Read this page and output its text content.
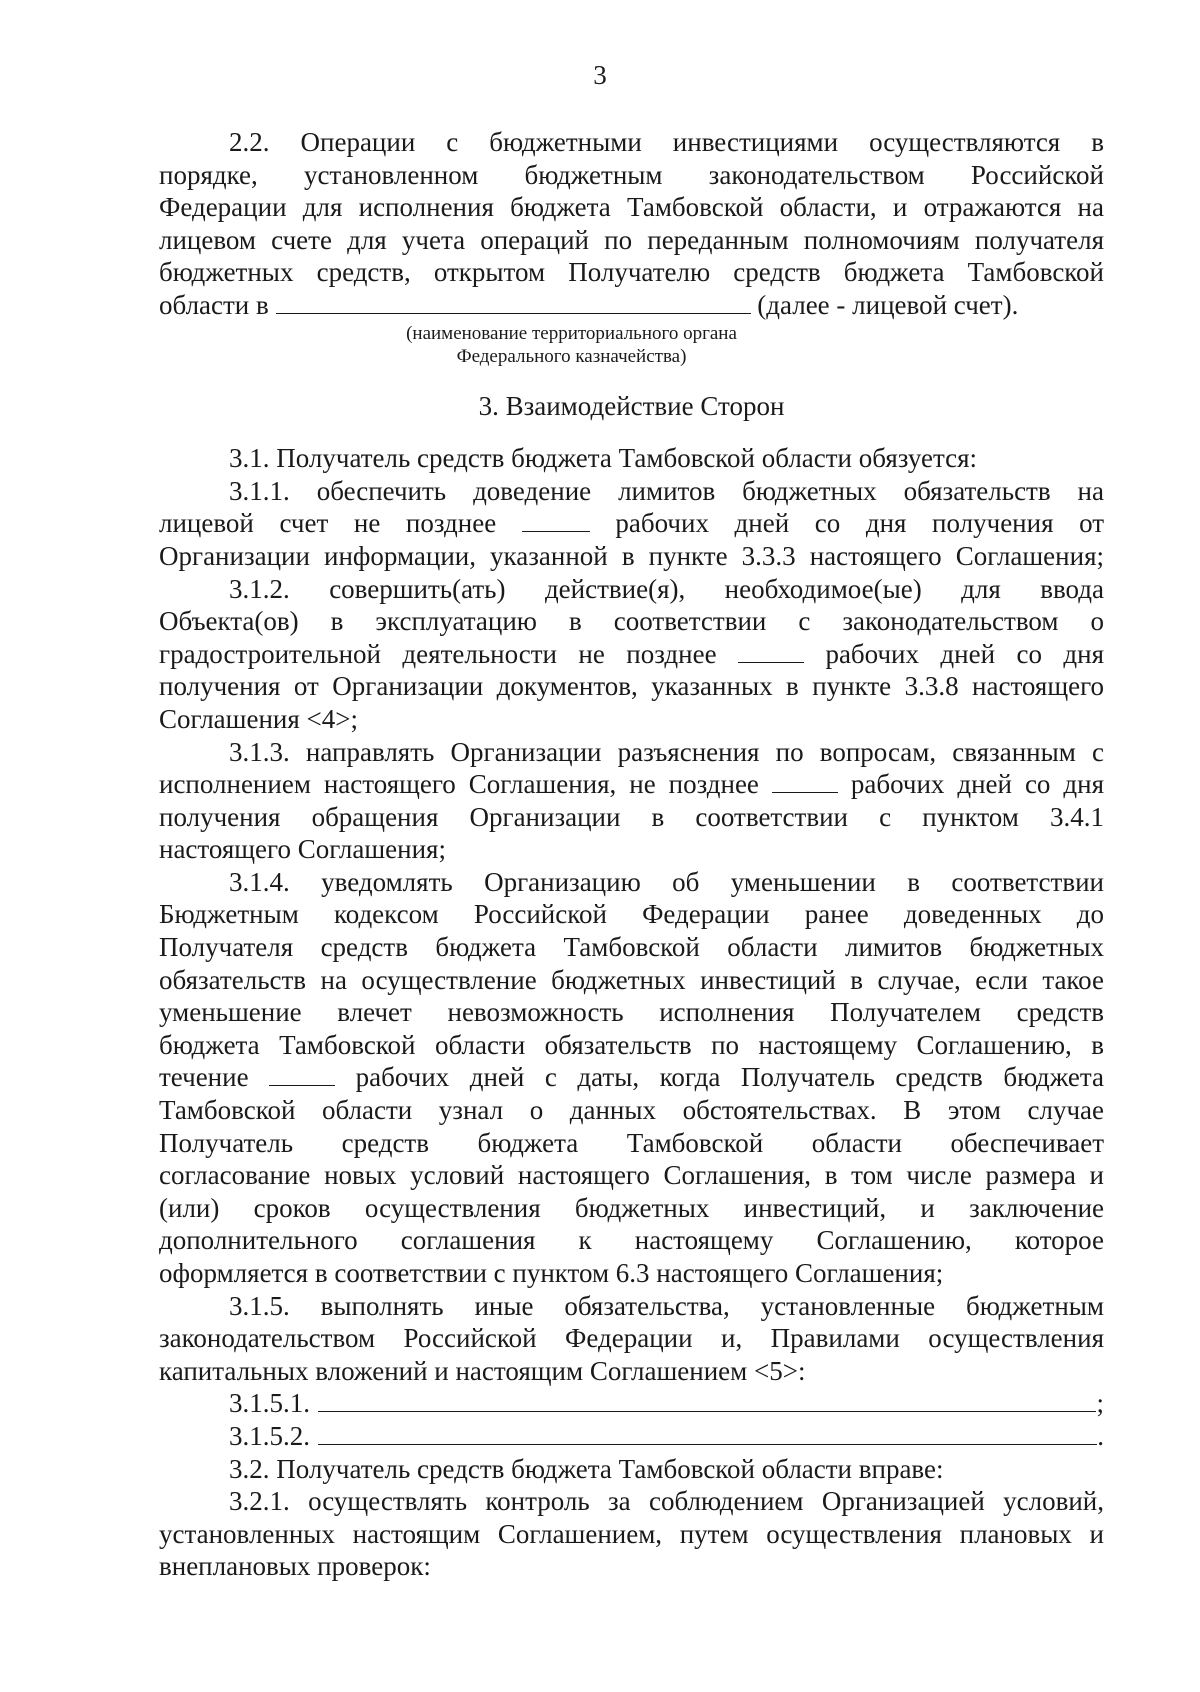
3

2.2. Операции с бюджетными инвестициями осуществляются в

порядке, установленном бюджетным законодательством Российской

Федерации для исполнения бюджета Тамбовской области, и отражаются на

лицевом счете для учета операций по переданным полномочиям получателя

бюджетных средств, открытом Получателю средств бюджета Тамбовской

области в	(далее - лицевой счет).

(наименование территориального органа

Федерального казначейства)

3. Взаимодействие Сторон

3.1. Получатель средств бюджета Тамбовской области обязуется:

3.1.1. обеспечить доведение лимитов бюджетных обязательств на

лицевой счет не позднее	рабочих дней со дня получения от

Организации информации, указанной в пункте 3.3.3 настоящего Соглашения;

3.1.2. совершить(ать) действие(я), необходимое(ые) для ввода

Объекта(ов) в эксплуатацию в соответствии с законодательством о

градостроительной деятельности не позднее	рабочих дней со дня

получения от Организации документов, указанных в пункте 3.3.8 настоящего

Соглашения <4>;

3.1.3. направлять Организации разъяснения по вопросам, связанным с

исполнением настоящего Соглашения, не позднее	рабочих дней со дня

получения обращения Организации в соответствии с пунктом 3.4.1

настоящего Соглашения;

3.1.4. уведомлять Организацию об уменьшении в соответствии

Бюджетным кодексом Российской Федерации ранее доведенных до

Получателя средств бюджета Тамбовской области лимитов бюджетных

обязательств на осуществление бюджетных инвестиций в случае, если такое

уменьшение влечет невозможность исполнения Получателем средств

бюджета Тамбовской области обязательств по настоящему Соглашению, в

течение	рабочих дней с даты, когда Получатель средств бюджета

Тамбовской области узнал о данных обстоятельствах. В этом случае

Получатель средств бюджета Тамбовской области обеспечивает

согласование новых условий настоящего Соглашения, в том числе размера и

(или) сроков осуществления бюджетных инвестиций, и заключение

дополнительного соглашения к настоящему Соглашению, которое

оформляется в соответствии с пунктом 6.3 настоящего Соглашения;

3.1.5. выполнять иные обязательства, установленные бюджетным

законодательством Российской Федерации и, Правилами осуществления

капитальных вложений и настоящим Соглашением <5>:

3.1.5.1.	;
3.1.5.2.	.

3.2. Получатель средств бюджета Тамбовской области вправе:

3.2.1. осуществлять контроль за соблюдением Организацией условий,

установленных настоящим Соглашением, путем осуществления плановых и

внеплановых проверок:
